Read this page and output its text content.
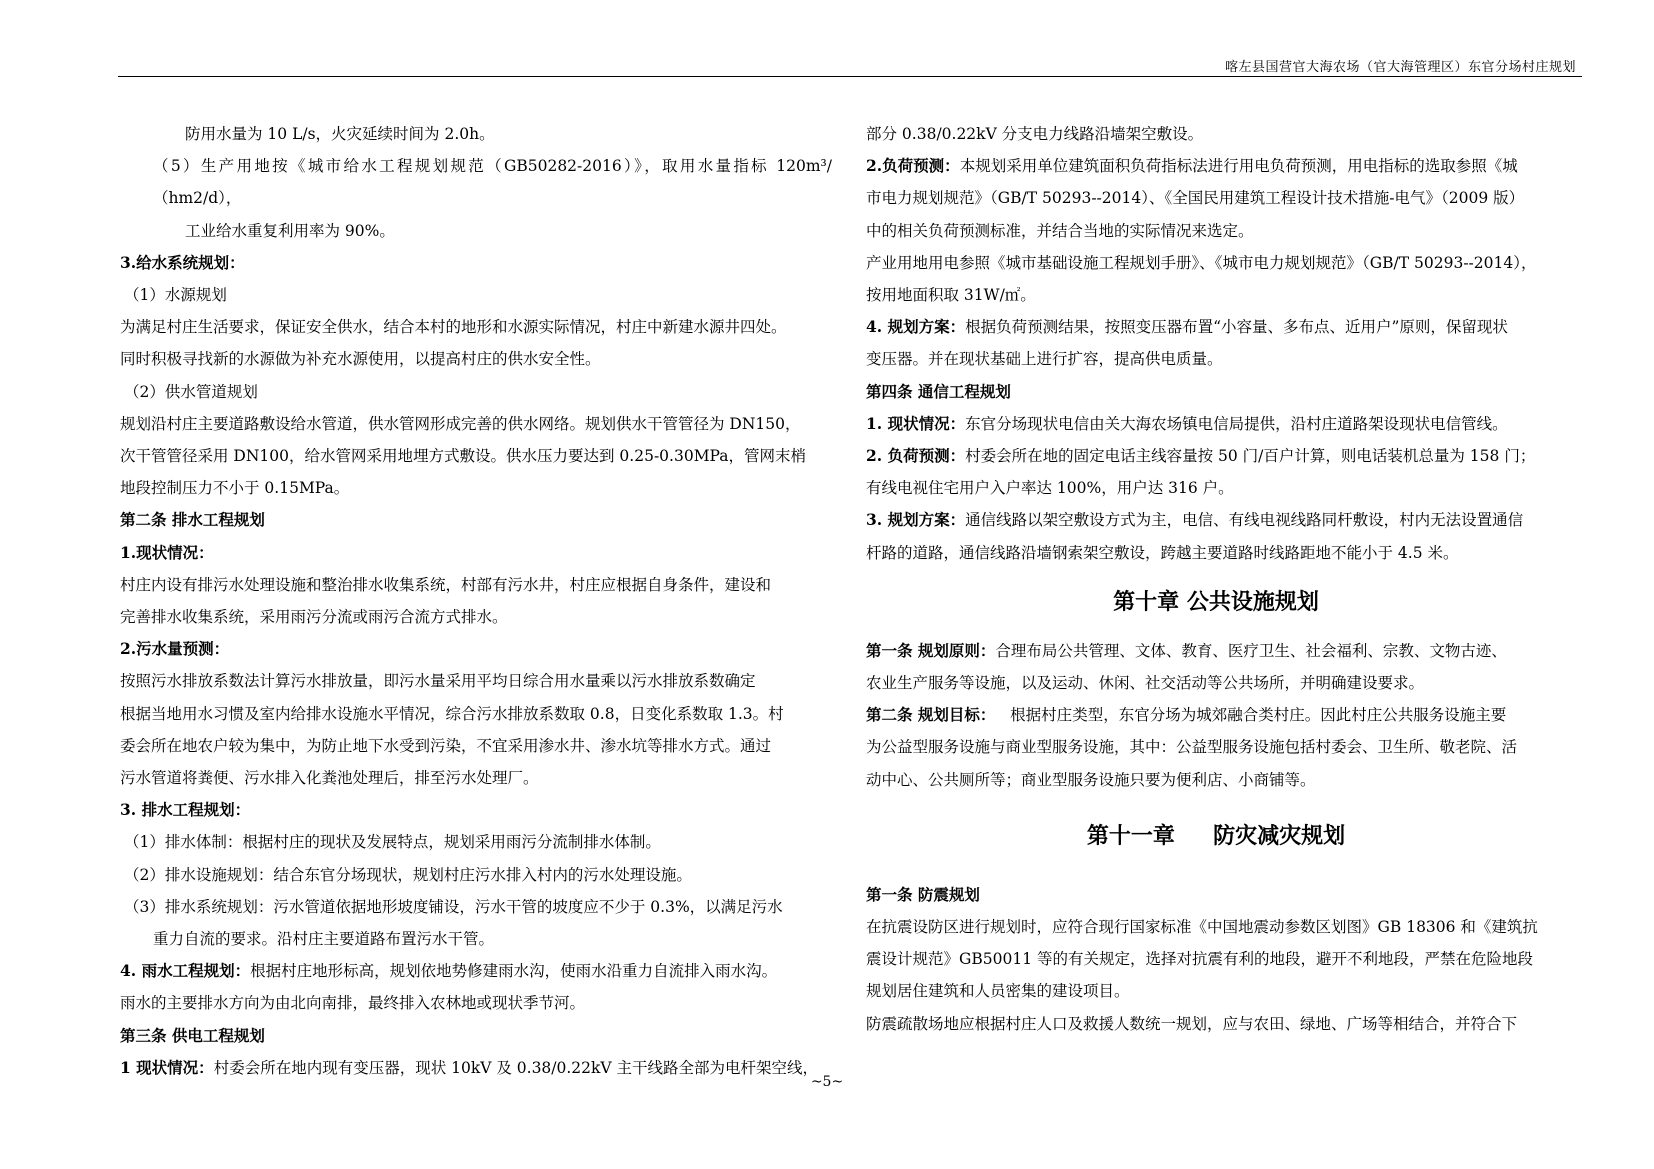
喀左县国营官大海农场（官大海管理区）东官分场村庄规划

防用水量为 10 L/s，火灾延续时间为 2.0h。

（5）生产用地按《城市给水工程规划规范（GB50282-2016）》，取用水量指标 120m³/（hm2/d），

工业给水重复利用率为 90%。

3.给水系统规划：

（1）水源规划

为满足村庄生活要求，保证安全供水，结合本村的地形和水源实际情况，村庄中新建水源井四处。

同时积极寻找新的水源做为补充水源使用，以提高村庄的供水安全性。

（2）供水管道规划

规划沿村庄主要道路敷设给水管道，供水管网形成完善的供水网络。规划供水干管管径为 DN150，

次干管管径采用 DN100，给水管网采用地埋方式敷设。供水压力要达到 0.25-0.30MPa，管网末梢

地段控制压力不小于 0.15MPa。

第二条 排水工程规划

1.现状情况：

村庄内设有排污水处理设施和整治排水收集系统，村部有污水井，村庄应根据自身条件，建设和

完善排水收集系统，采用雨污分流或雨污合流方式排水。

2.污水量预测：

按照污水排放系数法计算污水排放量，即污水量采用平均日综合用水量乘以污水排放系数确定

根据当地用水习惯及室内给排水设施水平情况，综合污水排放系数取 0.8，日变化系数取 1.3。村

委会所在地农户较为集中，为防止地下水受到污染，不宜采用渗水井、渗水坑等排水方式。通过

污水管道将粪便、污水排入化粪池处理后，排至污水处理厂。

3. 排水工程规划：

（1）排水体制：根据村庄的现状及发展特点，规划采用雨污分流制排水体制。

（2）排水设施规划：结合东官分场现状，规划村庄污水排入村内的污水处理设施。

（3）排水系统规划：污水管道依据地形坡度铺设，污水干管的坡度应不少于 0.3%，以满足污水

重力自流的要求。沿村庄主要道路布置污水干管。

4. 雨水工程规划：根据村庄地形标高，规划依地势修建雨水沟，使雨水沿重力自流排入雨水沟。

雨水的主要排水方向为由北向南排，最终排入农林地或现状季节河。

第三条 供电工程规划

1 现状情况：村委会所在地内现有变压器，现状 10kV 及 0.38/0.22kV 主干线路全部为电杆架空线，

部分 0.38/0.22kV 分支电力线路沿墙架空敷设。

2.负荷预测：本规划采用单位建筑面积负荷指标法进行用电负荷预测，用电指标的选取参照《城

市电力规划规范》（GB/T 50293--2014）、《全国民用建筑工程设计技术措施-电气》（2009 版）

中的相关负荷预测标准，并结合当地的实际情况来选定。

产业用地用电参照《城市基础设施工程规划手册》、《城市电力规划规范》（GB/T 50293--2014），

按用地面积取 31W/㎡。

4. 规划方案：根据负荷预测结果，按照变压器布置“小容量、多布点、近用户”原则，保留现状

变压器。并在现状基础上进行扩容，提高供电质量。

第四条 通信工程规划

1. 现状情况：东官分场现状电信由关大海农场镇电信局提供，沿村庄道路架设现状电信管线。

2. 负荷预测：村委会所在地的固定电话主线容量按 50 门/百户计算，则电话装机总量为 158 门；

有线电视住宅用户入户率达 100%，用户达 316 户。

3. 规划方案：通信线路以架空敷设方式为主，电信、有线电视线路同杆敷设，村内无法设置通信

杆路的道路，通信线路沿墙钢索架空敷设，跨越主要道路时线路距地不能小于 4.5 米。

第十章 公共设施规划

第一条 规划原则：合理布局公共管理、文体、教育、医疗卫生、社会福利、宗教、文物古迹、

农业生产服务等设施，以及运动、休闲、社交活动等公共场所，并明确建设要求。

第二条 规划目标：   根据村庄类型，东官分场为城郊融合类村庄。因此村庄公共服务设施主要

为公益型服务设施与商业型服务设施，其中：公益型服务设施包括村委会、卫生所、敬老院、活

动中心、公共厕所等；商业型服务设施只要为便利店、小商铺等。

第十一章     防灾减灾规划

第一条 防震规划

在抗震设防区进行规划时，应符合现行国家标准《中国地震动参数区划图》GB 18306 和《建筑抗

震设计规范》GB50011 等的有关规定，选择对抗震有利的地段，避开不利地段，严禁在危险地段

规划居住建筑和人员密集的建设项目。

防震疏散场地应根据村庄人口及救援人数统一规划，应与农田、绿地、广场等相结合，并符合下

~5~
